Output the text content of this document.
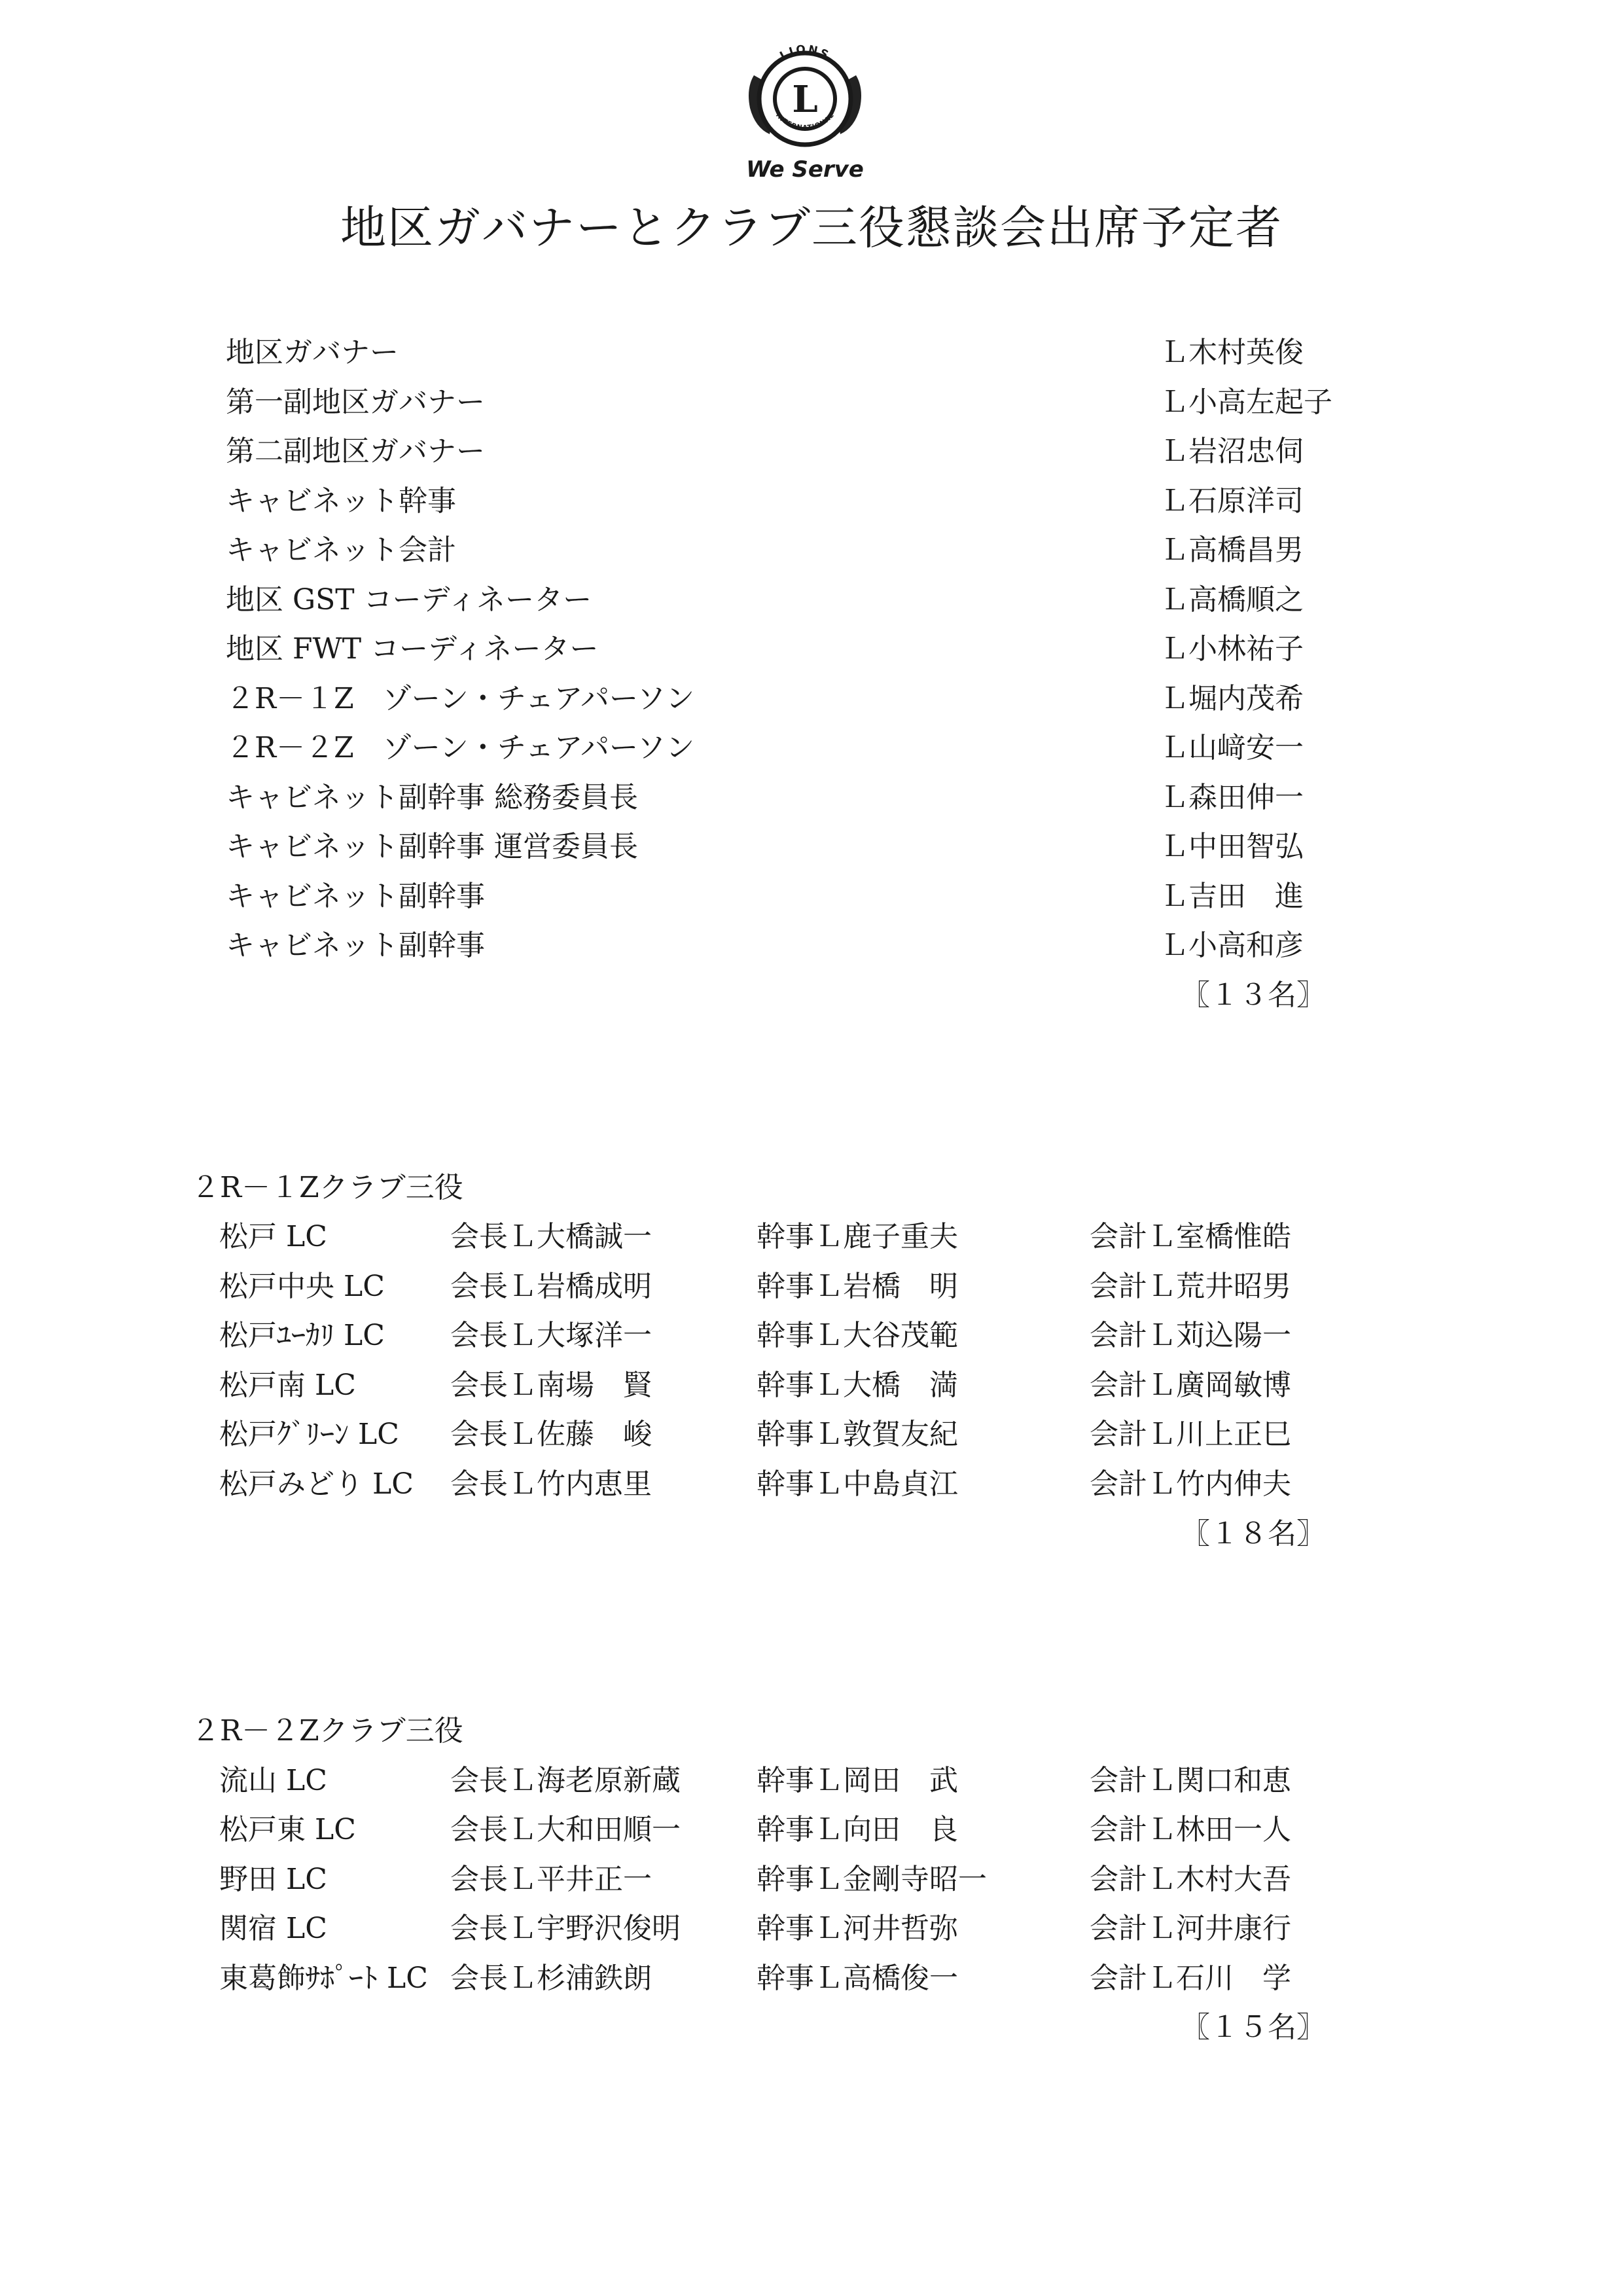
LIONS
INTERNATIONAL
L
We Serve
地区ガバナーとクラブ三役懇談会出席予定者
地区ガバナー	Ｌ木村英俊
第一副地区ガバナー	Ｌ小高左起子
第二副地区ガバナー	Ｌ岩沼忠伺
キャビネット幹事	Ｌ石原洋司
キャビネット会計	Ｌ高橋昌男
地区 GST コーディネーター	Ｌ高橋順之
地区 FWT コーディネーター	Ｌ小林祐子
２R－１Z　ゾーン・チェアパーソン	Ｌ堀内茂希
２R－２Z　ゾーン・チェアパーソン	Ｌ山﨑安一
キャビネット副幹事 総務委員長	Ｌ森田伸一
キャビネット副幹事 運営委員長	Ｌ中田智弘
キャビネット副幹事	Ｌ吉田　進
キャビネット副幹事	Ｌ小高和彦
〖１３名〗
２R－１Zクラブ三役
松戸 LC	会長Ｌ大橋誠一	幹事Ｌ鹿子重夫	会計Ｌ室橋惟皓
松戸中央 LC 会長Ｌ岩橋成明	幹事Ｌ岩橋　明	会計Ｌ荒井昭男
松戸ﾕｰｶﾘ LC 会長Ｌ大塚洋一	幹事Ｌ大谷茂範	会計Ｌ苅込陽一
松戸南 LC	会長Ｌ南場　賢	幹事Ｌ大橋　満	会計Ｌ廣岡敏博
松戸ｸﾞﾘｰﾝ LC 会長Ｌ佐藤　峻	幹事Ｌ敦賀友紀	会計Ｌ川上正巳
松戸みどり LC 会長Ｌ竹内恵里	幹事Ｌ中島貞江	会計Ｌ竹内伸夫
〖１８名〗
２R－２Zクラブ三役
流山 LC	会長Ｌ海老原新蔵	幹事Ｌ岡田　武	会計Ｌ関口和恵
松戸東 LC	会長Ｌ大和田順一	幹事Ｌ向田　良	会計Ｌ林田一人
野田 LC	会長Ｌ平井正一	幹事Ｌ金剛寺昭一	会計Ｌ木村大吾
関宿 LC	会長Ｌ宇野沢俊明	幹事Ｌ河井哲弥	会計Ｌ河井康行
東葛飾ｻﾎﾟｰﾄ LC 会長Ｌ杉浦鉄朗	幹事Ｌ高橋俊一	会計Ｌ石川　学
〖１５名〗
